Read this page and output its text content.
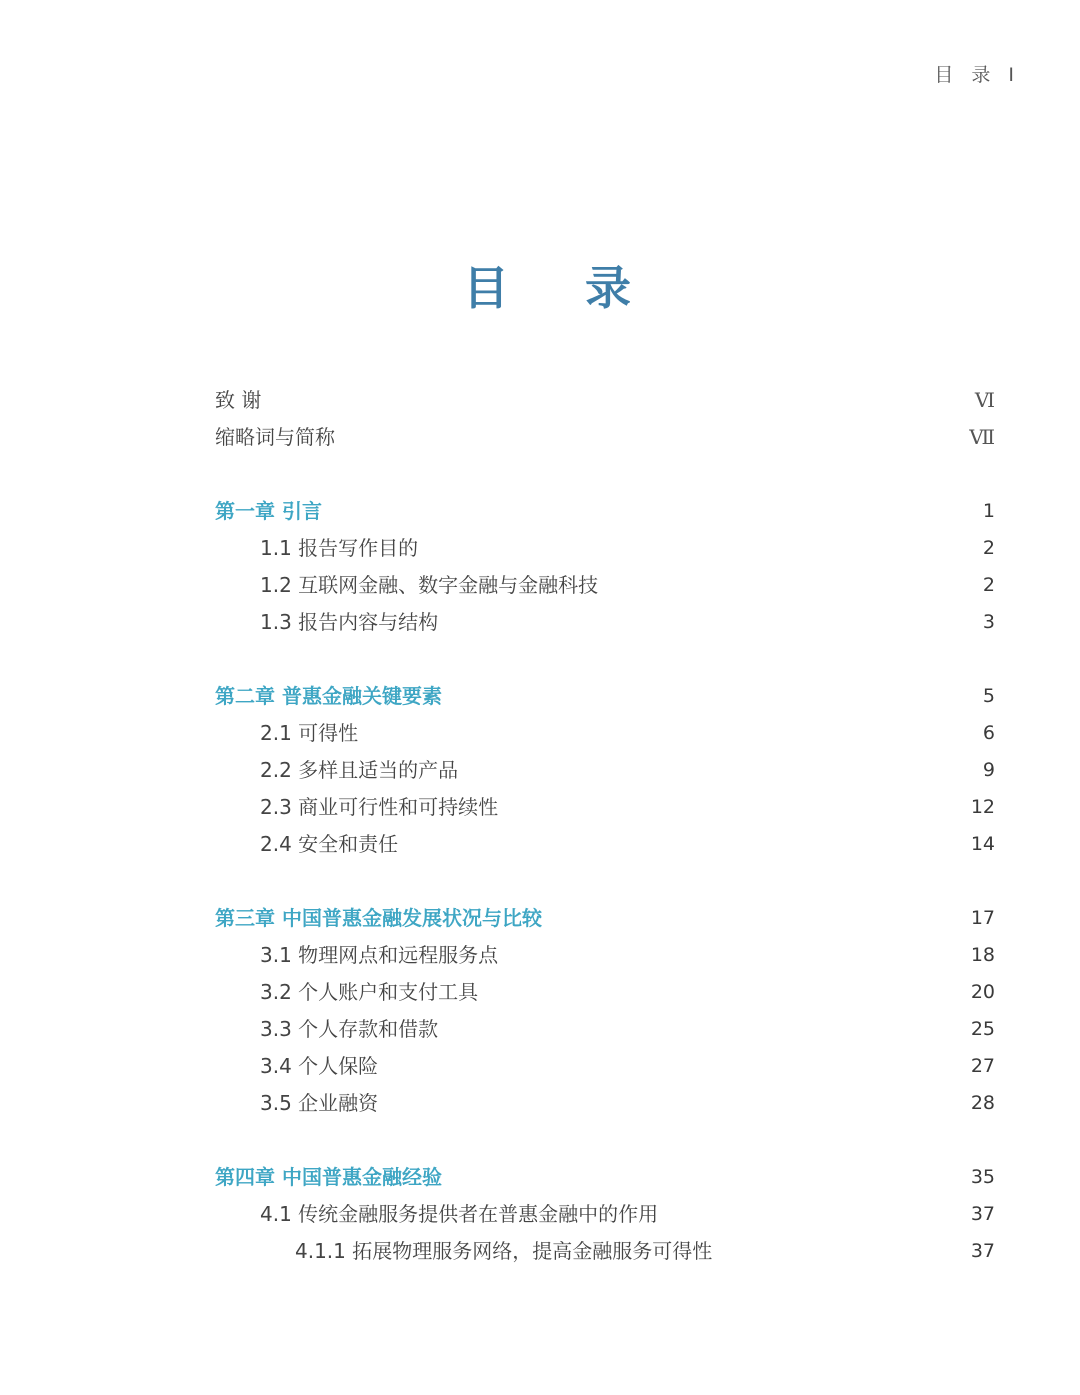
目 录 Ⅰ
目 录
致 谢	Ⅵ
缩略词与简称	Ⅶ
第一章 引言	1
1.1 报告写作目的	2
1.2 互联网金融、数字金融与金融科技	2
1.3 报告内容与结构	3
第二章 普惠金融关键要素	5
2.1 可得性	6
2.2 多样且适当的产品	9
2.3 商业可行性和可持续性	12
2.4 安全和责任	14
第三章 中国普惠金融发展状况与比较	17
3.1 物理网点和远程服务点	18
3.2 个人账户和支付工具	20
3.3 个人存款和借款	25
3.4 个人保险	27
3.5 企业融资	28
第四章 中国普惠金融经验	35
4.1 传统金融服务提供者在普惠金融中的作用	37
4.1.1 拓展物理服务网络，提高金融服务可得性	37
